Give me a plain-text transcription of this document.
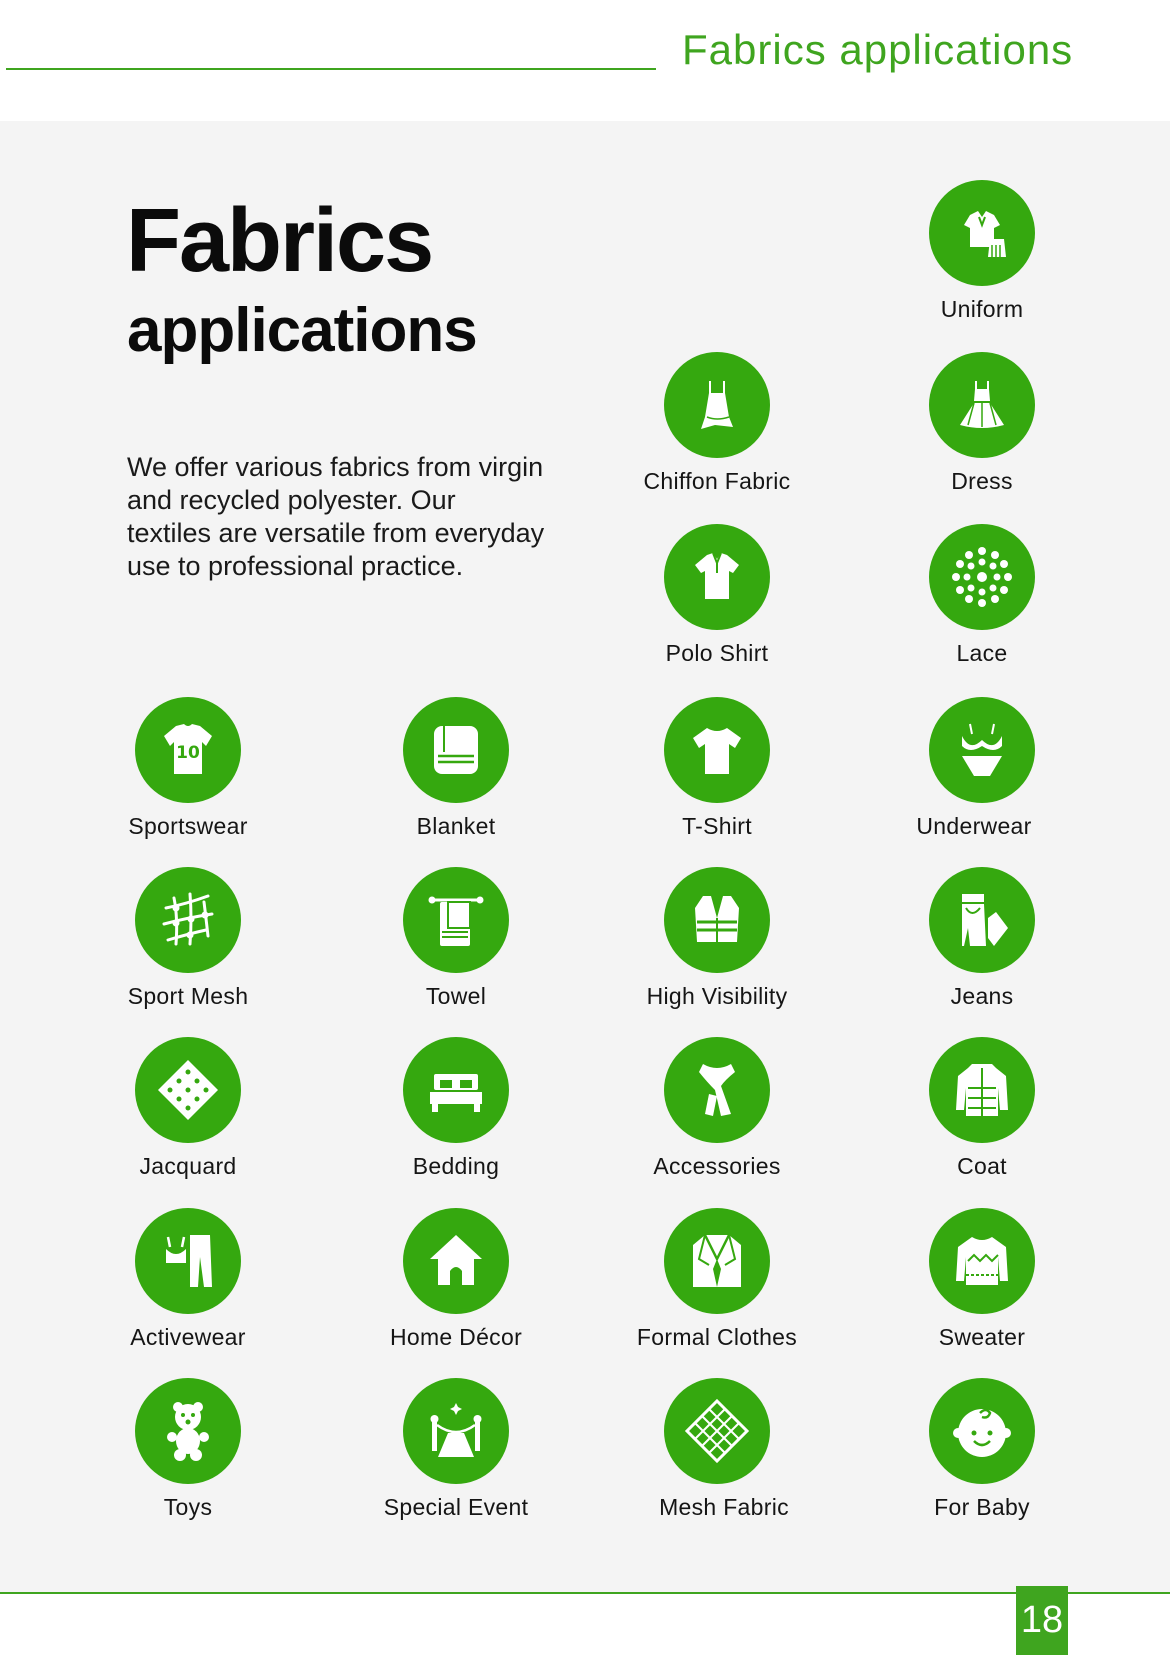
Fabrics applications
Fabrics
applications

We offer various fabrics from virgin and recycled polyester. Our textiles are versatile from everyday use to professional practice.

Uniform
Chiffon Fabric	Dress
Polo Shirt	Lace
10
Sportswear	Blanket	T-Shirt	Underwear
Sport Mesh	Towel	High Visibility	Jeans
Jacquard	Bedding	Accessories	Coat
Activewear	Home Décor	Formal Clothes	Sweater
Toys	Special Event	Mesh Fabric	For Baby
18
